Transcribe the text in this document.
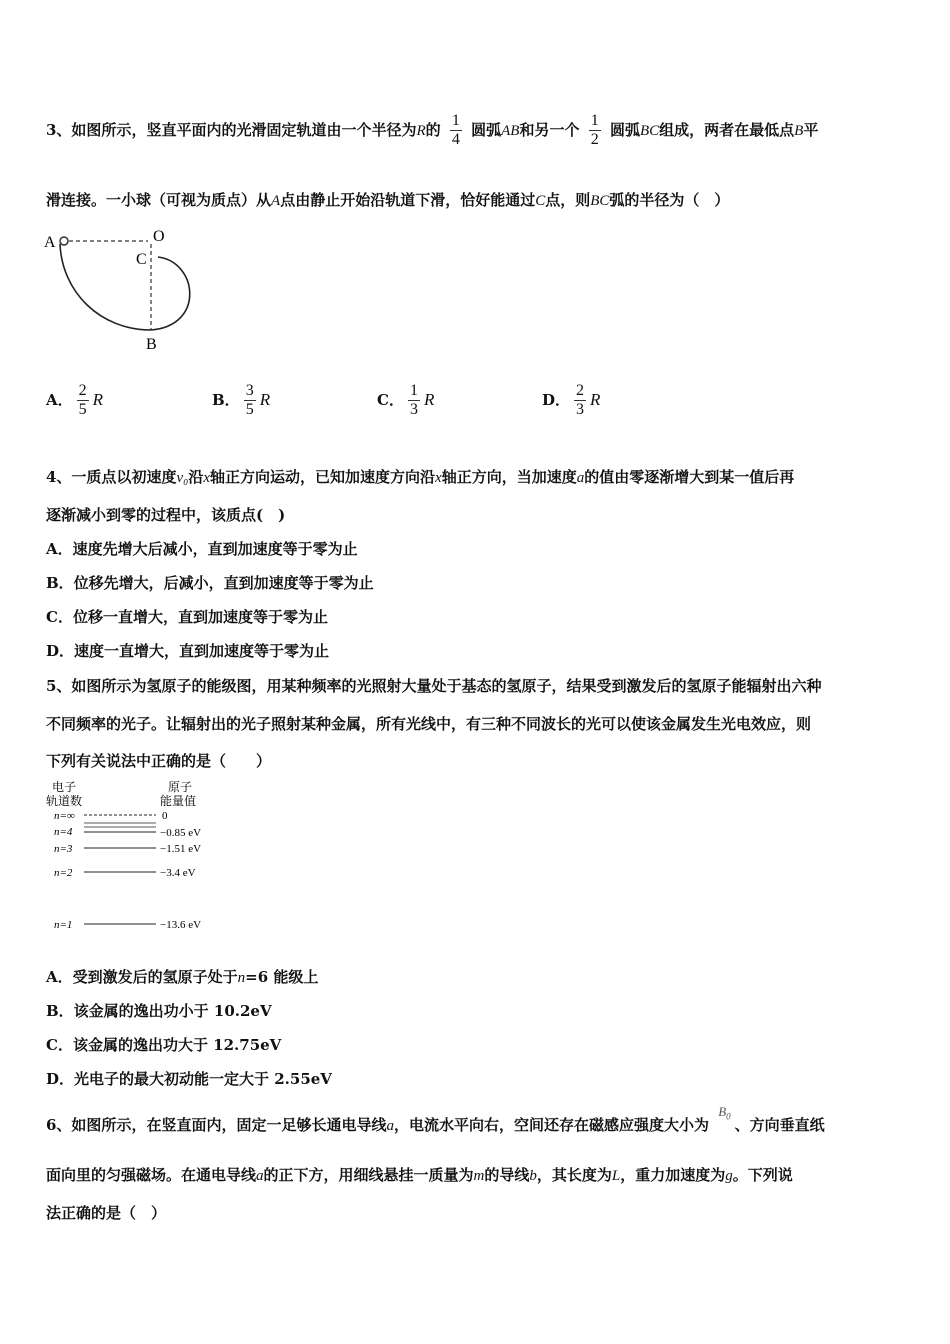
3、如图所示，竖直平面内的光滑固定轨道由一个半径为R的 $\frac{1}{4}$ 圆弧AB和另一个 $\frac{1}{2}$ 圆弧BC组成，两者在最低点B平
滑连接。一小球（可视为质点）从A点由静止开始沿轨道下滑，恰好能通过C点，则BC弧的半径为（　）
A	O
C
B
A． $\frac{2}{5}$ R	B． $\frac{3}{5}$ R	C． $\frac{1}{3}$ R	D． $\frac{2}{3}$ R
4、一质点以初速度v₀沿x轴正方向运动，已知加速度方向沿x轴正方向，当加速度a的值由零逐渐增大到某一值后再
逐渐减小到零的过程中，该质点(　)
A．速度先增大后减小，直到加速度等于零为止
B．位移先增大，后减小，直到加速度等于零为止
C．位移一直增大，直到加速度等于零为止
D．速度一直增大，直到加速度等于零为止
5、如图所示为氢原子的能级图，用某种频率的光照射大量处于基态的氢原子，结果受到激发后的氢原子能辐射出六种
不同频率的光子。让辐射出的光子照射某种金属，所有光线中，有三种不同波长的光可以使该金属发生光电效应，则
下列有关说法中正确的是（　　）
电子
轨道数
原子
能量值
n=∞	0
n=4	−0.85 eV
n=3	−1.51 eV
n=2	−3.4 eV
n=1	−13.6 eV
A．受到激发后的氢原子处于n=6 能级上
B．该金属的逸出功小于 10.2eV
C．该金属的逸出功大于 12.75eV
D．光电子的最大初动能一定大于 2.55eV
6、如图所示，在竖直面内，固定一足够长通电导线a，电流水平向右，空间还存在磁感应强度大小为 $B_0$ 、方向垂直纸
面向里的匀强磁场。在通电导线a的正下方，用细线悬挂一质量为m的导线b，其长度为L，重力加速度为g。下列说
法正确的是（　）
